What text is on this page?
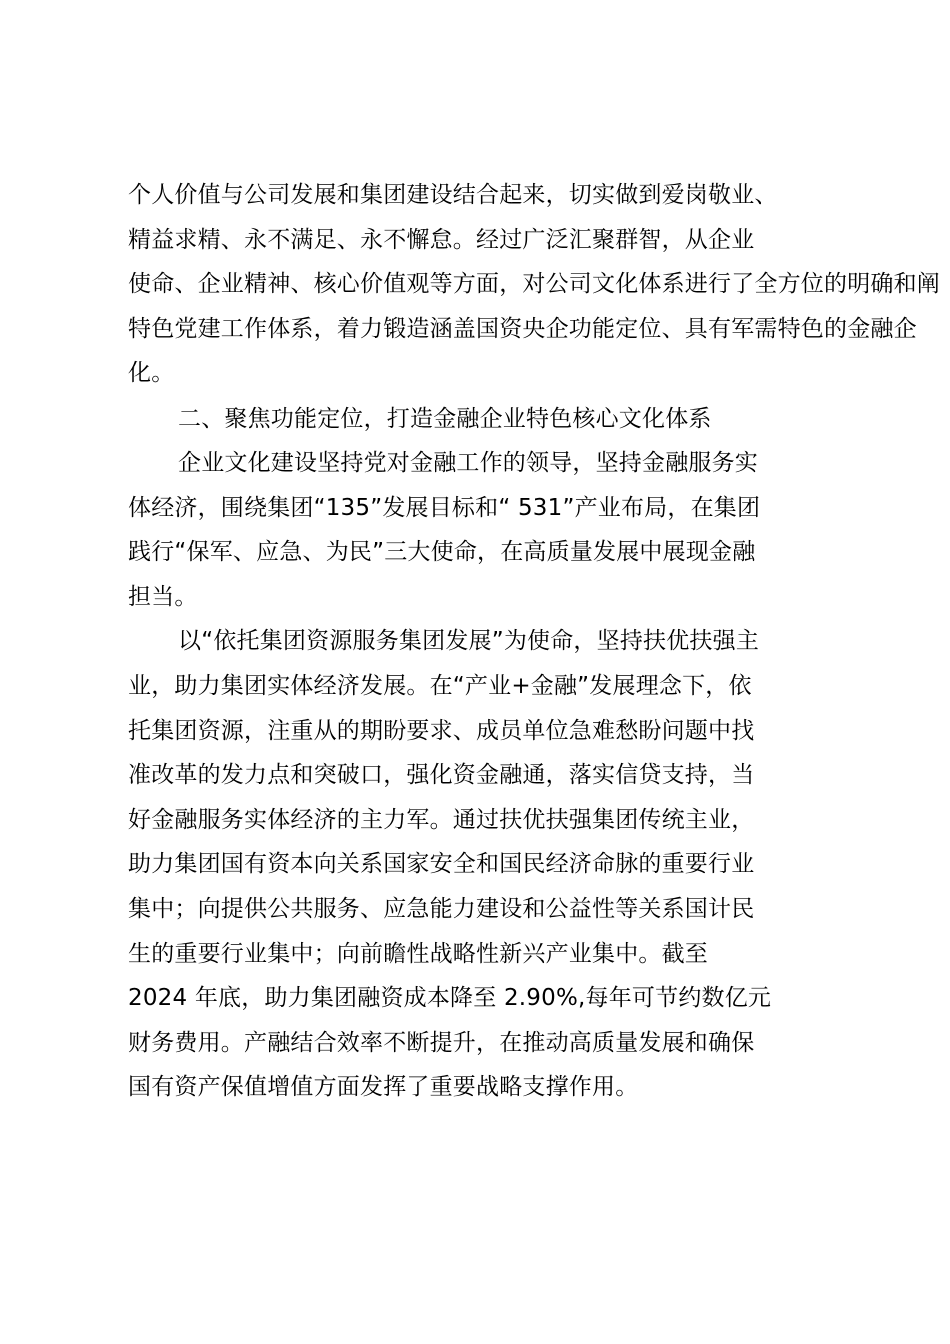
个人价值与公司发展和集团建设结合起来，切实做到爱岗敬业、
精益求精、永不满足、永不懈怠。经过广泛汇聚群智，从企业
使命、企业精神、核心价值观等方面，对公司文化体系进行了全方位的明确和阐
特色党建工作体系，着力锻造涵盖国资央企功能定位、具有军需特色的金融企
化。
二、聚焦功能定位，打造金融企业特色核心文化体系
企业文化建设坚持党对金融工作的领导，坚持金融服务实
体经济，围绕集团“135”发展目标和“ 531”产业布局，在集团
践行“保军、应急、为民”三大使命，在高质量发展中展现金融
担当。
以“依托集团资源服务集团发展”为使命，坚持扶优扶强主
业，助力集团实体经济发展。在“产业+金融”发展理念下，依
托集团资源，注重从的期盼要求、成员单位急难愁盼问题中找
准改革的发力点和突破口，强化资金融通，落实信贷支持，当
好金融服务实体经济的主力军。通过扶优扶强集团传统主业，
助力集团国有资本向关系国家安全和国民经济命脉的重要行业
集中；向提供公共服务、应急能力建设和公益性等关系国计民
生的重要行业集中；向前瞻性战略性新兴产业集中。截至
2024 年底，助力集团融资成本降至 2.90%,每年可节约数亿元
财务费用。产融结合效率不断提升，在推动高质量发展和确保
国有资产保值增值方面发挥了重要战略支撑作用。
